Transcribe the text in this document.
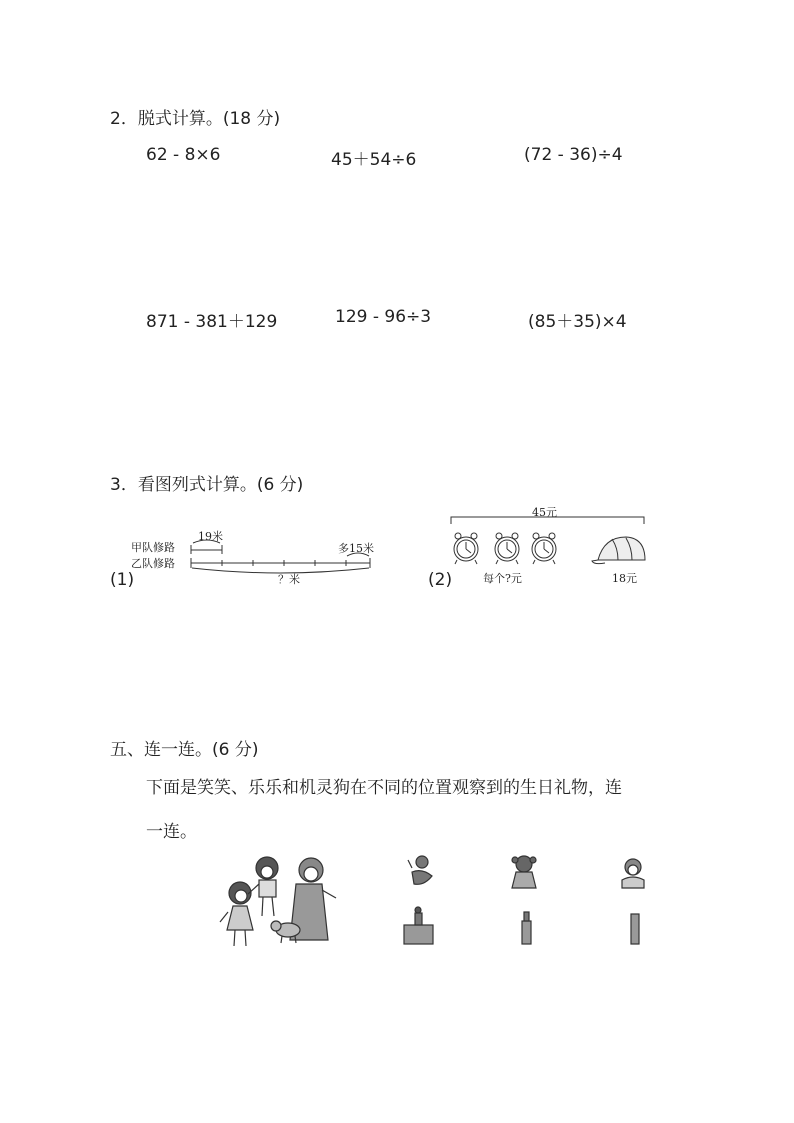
2．脱式计算。(18 分)
62 - 8×6	45＋54÷6	(72 - 36)÷4
871 - 381＋129	129 - 96÷3	(85＋35)×4
3．看图列式计算。(6 分)
(1)
甲队修路
乙队修路
19米
多15米
？米	(2)
45元
每个?元	18元
五、连一连。(6 分)
下面是笑笑、乐乐和机灵狗在不同的位置观察到的生日礼物，连
一连。
